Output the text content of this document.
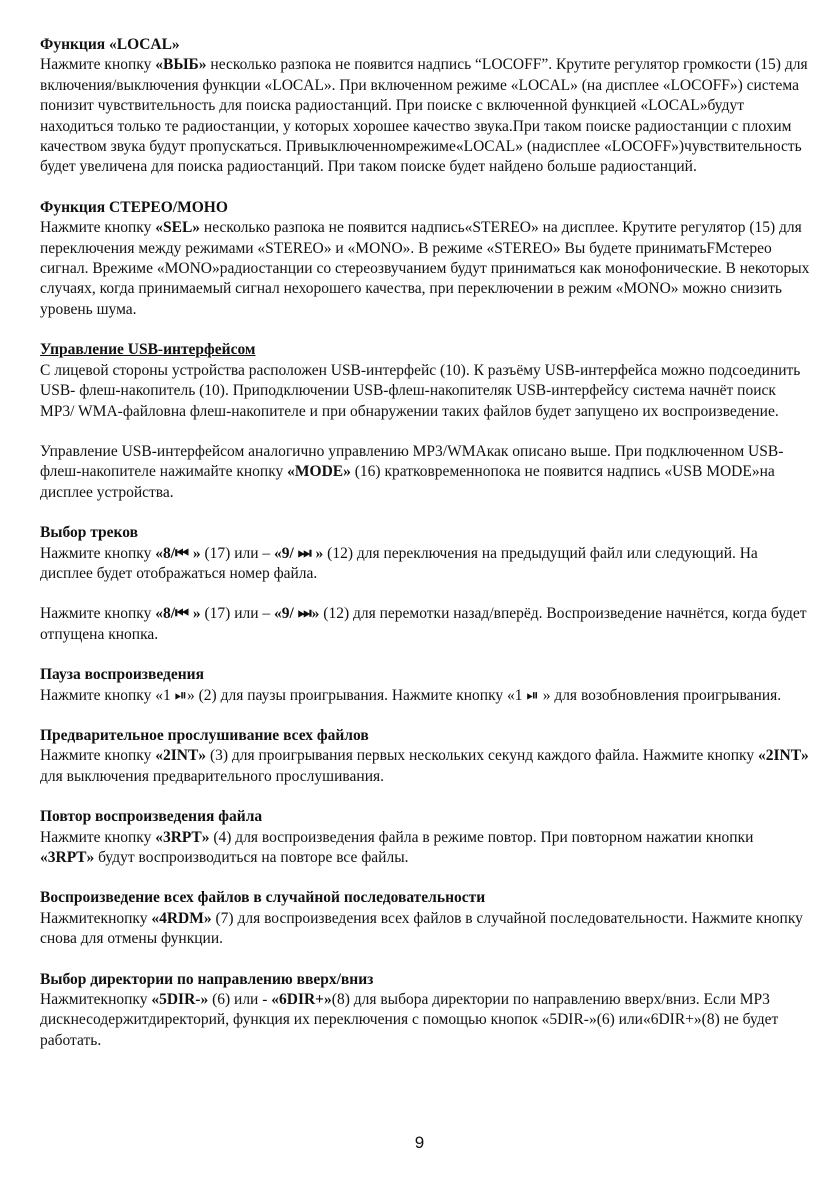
Функция «LOCAL»

Нажмите кнопку «ВЫБ» несколько разпока не появится надпись “LOCOFF”. Крутите регулятор громкости (15) для включения/выключения функции «LOCAL». При включенном режиме «LOCAL» (на дисплее «LOCOFF») система понизит чувствительность для поиска радиостанций. При поиске с включенной функцией «LOCAL»будут находиться только те радиостанции, у которых хорошее качество звука.При таком поиске радиостанции с плохим качеством звука будут пропускаться. Привыключенномрежиме«LOCAL» (надисплее «LOCOFF»)чувствительность будет увеличена для поиска радиостанций. При таком поиске будет найдено больше радиостанций.

Функция СТЕРЕО/МОНО

Нажмите кнопку «SEL» несколько разпока не появится надпись«STEREO» на дисплее. Крутите регулятор (15) для переключения между режимами «STEREO» и «MONO». В режиме «STEREO» Вы будете приниматьFMстерео сигнал. Врежиме «MONO»радиостанции со стереозвучанием будут приниматься как монофонические. В некоторых случаях, когда принимаемый сигнал нехорошего качества, при переключении в режим «MONO» можно снизить уровень шума.

Управление USB-интерфейсом

С лицевой стороны устройства расположен USB-интерфейс (10). К разъёму USB-интерфейса можно подсоединить USB- флеш-накопитель (10). Приподключении USB-флеш-накопителяк USB-интерфейсу система начнёт поиск MP3/ WMA-файловна флеш-накопителе и при обнаружении таких файлов будет запущено их воспроизведение.

Управление USB-интерфейсом аналогично управлению MP3/WMAкак описано выше. При подключенном USB-флеш-накопителе нажимайте кнопку «MODE» (16) кратковременнопока не появится надпись «USB MODE»на дисплее устройства.

Выбор треков

Нажмите кнопку «8/⏮ » (17) или – «9/ ⏭ » (12) для переключения на предыдущий файл или следующий. На дисплее будет отображаться номер файла.

Нажмите кнопку «8/⏮ » (17) или – «9/ ⏭» (12) для перемотки назад/вперёд. Воспроизведение начнётся, когда будет отпущена кнопка.

Пауза воспроизведения

Нажмите кнопку «1 ⏯» (2) для паузы проигрывания. Нажмите кнопку «1 ⏯ » для возобновления проигрывания.

Предварительное прослушивание всех файлов

Нажмите кнопку «2INT» (3) для проигрывания первых нескольких секунд каждого файла. Нажмите кнопку «2INT» для выключения предварительного прослушивания.

Повтор воспроизведения файла

Нажмите кнопку «3RPT» (4) для воспроизведения файла в режиме повтор. При повторном нажатии кнопки «3RPT» будут воспроизводиться на повторе все файлы.

Воспроизведение всех файлов в случайной последовательности

Нажмитекнопку «4RDM» (7) для воспроизведения всех файлов в случайной последовательности. Нажмите кнопку снова для отмены функции.

Выбор директории по направлению вверх/вниз

Нажмитекнопку «5DIR-» (6) или - «6DIR+»(8) для выбора директории по направлению вверх/вниз. Если MP3 дискнесодержитдиректорий, функция их переключения с помощью кнопок «5DIR-»(6) или«6DIR+»(8) не будет работать.

9
